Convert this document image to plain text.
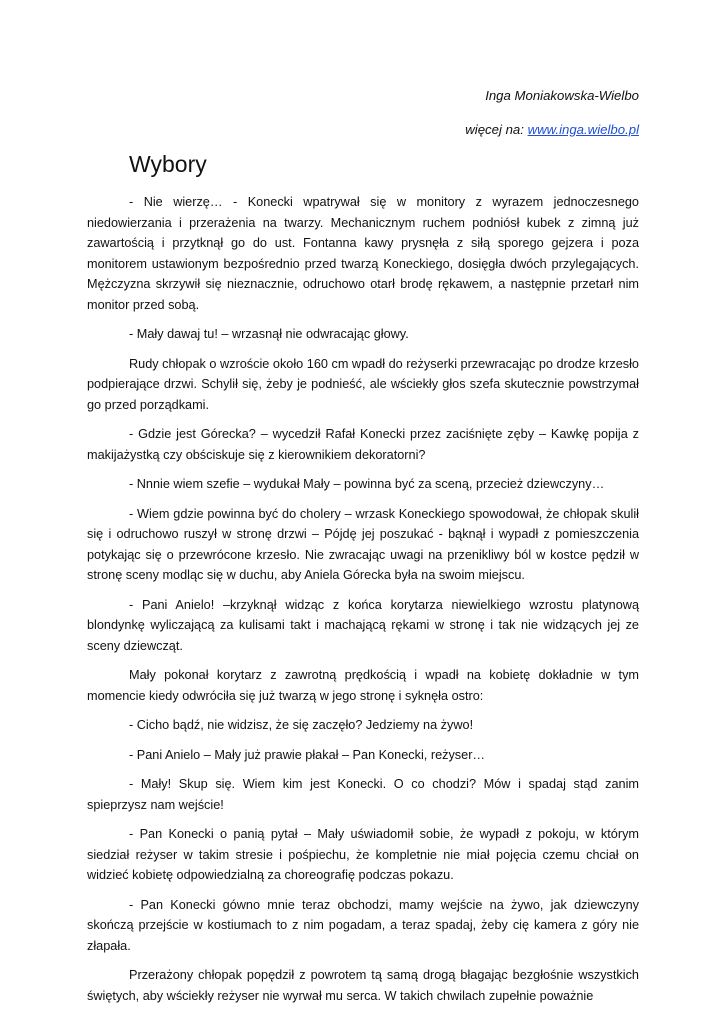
Inga Moniakowska-Wielbo
więcej na: www.inga.wielbo.pl
Wybory

- Nie wierzę… - Konecki wpatrywał się w monitory z wyrazem jednoczesnego niedowierzania i przerażenia na twarzy. Mechanicznym ruchem podniósł kubek z zimną już zawartością i przytknął go do ust. Fontanna kawy prysnęła z siłą sporego gejzera i poza monitorem ustawionym bezpośrednio przed twarzą Koneckiego, dosięgła dwóch przylegających. Mężczyzna skrzywił się nieznacznie, odruchowo otarł brodę rękawem, a następnie przetarł nim monitor przed sobą.

- Mały dawaj tu! – wrzasnął nie odwracając głowy.

Rudy chłopak o wzroście około 160 cm wpadł do reżyserki przewracając po drodze krzesło podpierające drzwi. Schylił się, żeby je podnieść, ale wściekły głos szefa skutecznie powstrzymał go przed porządkami.

- Gdzie jest Górecka? – wycedził Rafał Konecki przez zaciśnięte zęby – Kawkę popija z makijażystką czy obściskuje się z kierownikiem dekoratorni?

- Nnnie wiem szefie – wydukał Mały – powinna być za sceną, przecież dziewczyny…

- Wiem gdzie powinna być do cholery – wrzask Koneckiego spowodował, że chłopak skulił się i odruchowo ruszył w stronę drzwi – Pójdę jej poszukać - bąknął i wypadł z pomieszczenia potykając się o przewrócone krzesło. Nie zwracając uwagi na przenikliwy ból w kostce pędził w stronę sceny modląc się w duchu, aby Aniela Górecka była na swoim miejscu.

- Pani Anielo! –krzyknął widząc z końca korytarza niewielkiego wzrostu platynową blondynkę wyliczającą za kulisami takt i machającą rękami w stronę i tak nie widzących jej ze sceny dziewcząt.

Mały pokonał korytarz z zawrotną prędkością i wpadł na kobietę dokładnie w tym momencie kiedy odwróciła się już twarzą w jego stronę i syknęła ostro:

- Cicho bądź, nie widzisz, że się zaczęło? Jedziemy na żywo!

- Pani Anielo – Mały już prawie płakał – Pan Konecki, reżyser…

- Mały! Skup się. Wiem kim jest Konecki. O co chodzi? Mów i spadaj stąd zanim spieprzysz nam wejście!

- Pan Konecki o panią pytał – Mały uświadomił sobie, że wypadł z pokoju, w którym siedział reżyser w takim stresie i pośpiechu, że kompletnie nie miał pojęcia czemu chciał on widzieć kobietę odpowiedzialną za choreografię podczas pokazu.

- Pan Konecki gówno mnie teraz obchodzi, mamy wejście na żywo, jak dziewczyny skończą przejście w kostiumach to z nim pogadam, a teraz spadaj, żeby cię kamera z góry nie złapała.

Przerażony chłopak popędził z powrotem tą samą drogą błagając bezgłośnie wszystkich świętych, aby wściekły reżyser nie wyrwał mu serca. W takich chwilach zupełnie poważnie
